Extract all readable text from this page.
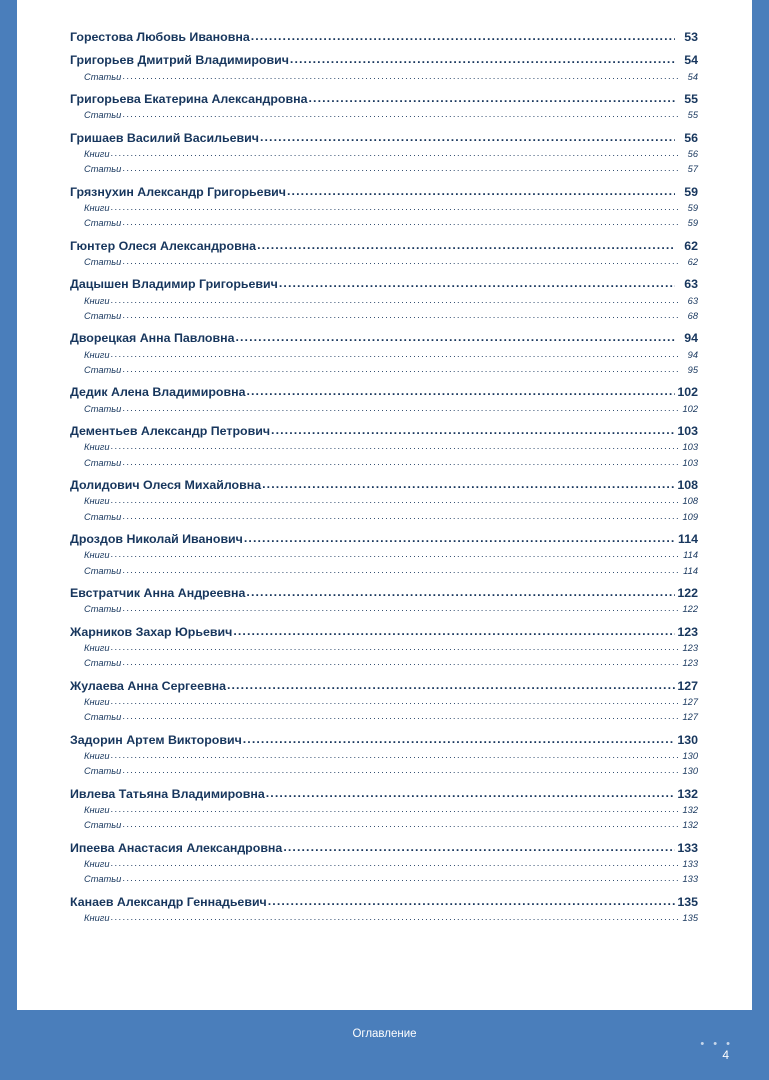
Горестова Любовь Ивановна .....	53
Григорьев Дмитрий Владимирович .....	54
Статьи .....	54
Григорьева Екатерина Александровна .....	55
Статьи .....	55
Гришаев Василий Васильевич .....	56
Книги .....	56
Статьи .....	57
Грязнухин Александр Григорьевич .....	59
Книги .....	59
Статьи .....	59
Гюнтер Олеся Александровна .....	62
Статьи .....	62
Дацышен Владимир Григорьевич .....	63
Книги .....	63
Статьи .....	68
Дворецкая Анна Павловна .....	94
Книги .....	94
Статьи .....	95
Дедик Алена Владимировна .....	102
Статьи .....	102
Дементьев Александр Петрович .....	103
Книги .....	103
Статьи .....	103
Долидович Олеся Михайловна .....	108
Книги .....	108
Статьи .....	109
Дроздов Николай Иванович .....	114
Книги .....	114
Статьи .....	114
Евстратчик Анна Андреевна .....	122
Статьи .....	122
Жарников Захар Юрьевич .....	123
Книги .....	123
Статьи .....	123
Жулаева Анна Сергеевна .....	127
Книги .....	127
Статьи .....	127
Задорин Артем Викторович .....	130
Книги .....	130
Статьи .....	130
Ивлева Татьяна Владимировна .....	132
Книги .....	132
Статьи .....	132
Ипеева Анастасия Александровна .....	133
Книги .....	133
Статьи .....	133
Канаев Александр Геннадьевич .....	135
Книги .....	135
Оглавление
• • •
4
